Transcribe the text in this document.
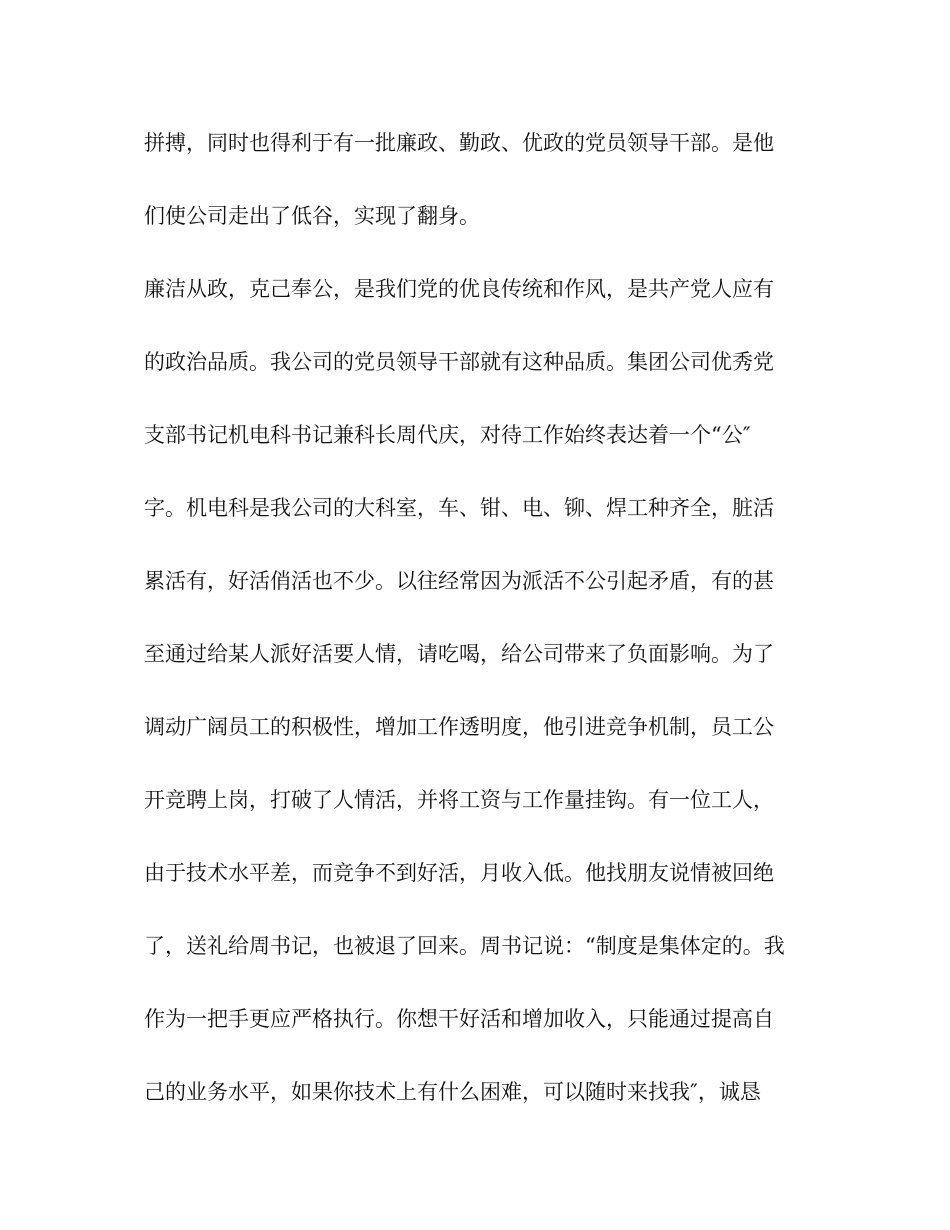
拼搏，同时也得利于有一批廉政、勤政、优政的党员领导干部。是他
们使公司走出了低谷，实现了翻身。
廉洁从政，克己奉公，是我们党的优良传统和作风，是共产党人应有
的政治品质。我公司的党员领导干部就有这种品质。集团公司优秀党
支部书记机电科书记兼科长周代庆，对待工作始终表达着一个“公″
字。机电科是我公司的大科室，车、钳、电、铆、焊工种齐全，脏活
累活有，好活俏活也不少。以往经常因为派活不公引起矛盾，有的甚
至通过给某人派好活要人情，请吃喝，给公司带来了负面影响。为了
调动广阔员工的积极性，增加工作透明度，他引进竞争机制，员工公
开竞聘上岗，打破了人情活，并将工资与工作量挂钩。有一位工人，
由于技术水平差，而竞争不到好活，月收入低。他找朋友说情被回绝
了，送礼给周书记，也被退了回来。周书记说：“制度是集体定的。我
作为一把手更应严格执行。你想干好活和增加收入，只能通过提高自
己的业务水平，如果你技术上有什么困难，可以随时来找我″，诚恳
